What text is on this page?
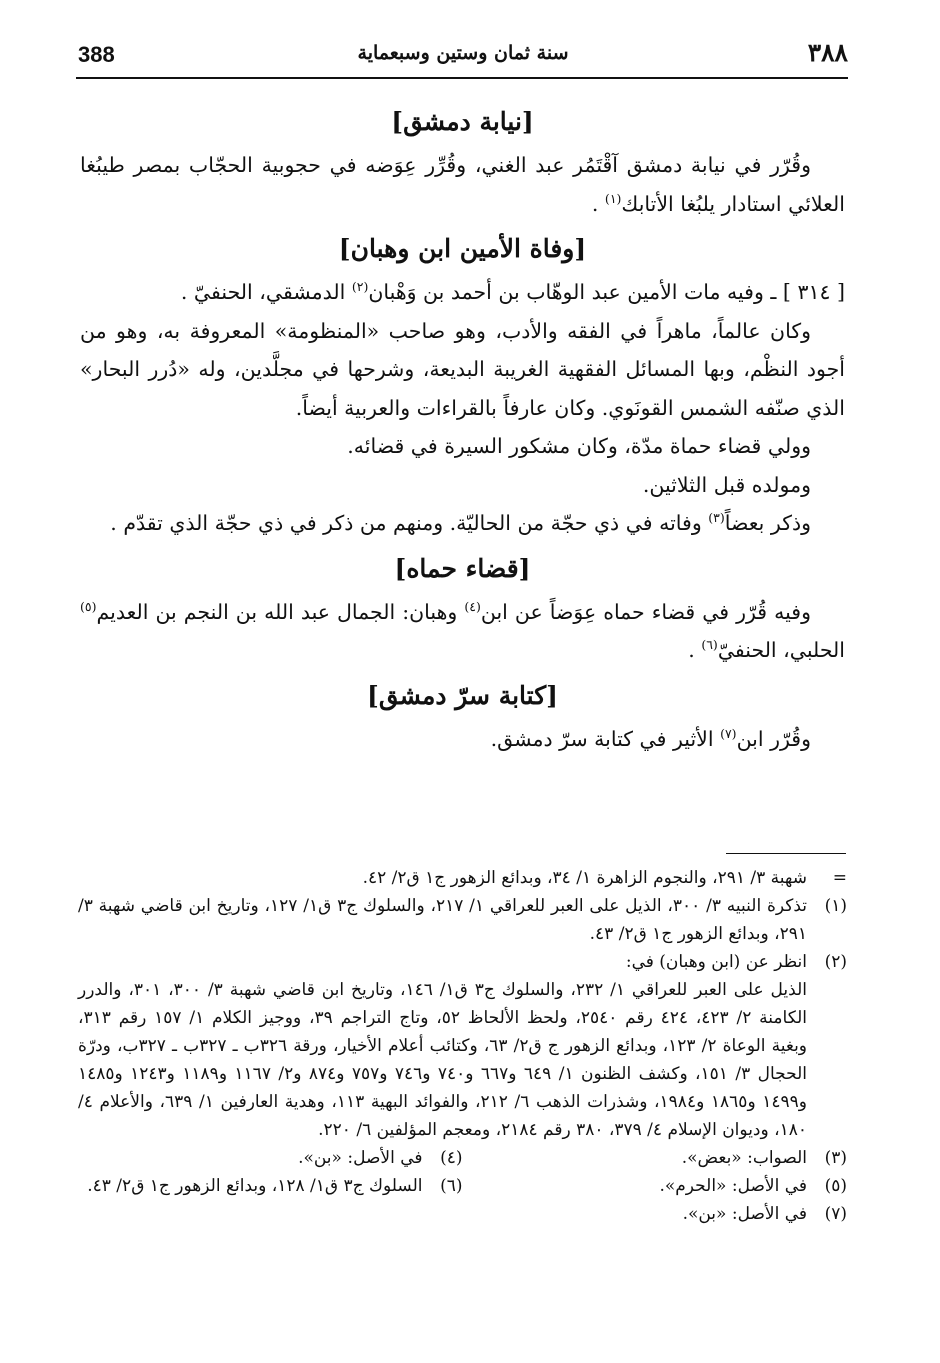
388	سنة ثمان وستين وسبعماية	٣٨٨
[نيابة دمشق]

وقُرّر في نيابة دمشق آقْتَمُر عبد الغني، وقُرِّر عِوَضه في حجوبية الحجّاب بمصر طيبُغا العلائي استادار يلبُغا الأتابك$^{(١)}$ .

[وفاة الأمين ابن وهبان]

[ ٣١٤ ] ـ وفيه مات الأمين عبد الوهّاب بن أحمد بن وَهْبان$^{(٢)}$ الدمشقي، الحنفيّ .

وكان عالماً، ماهراً في الفقه والأدب، وهو صاحب «المنظومة» المعروفة به، وهو من أجود النظْم، وبها المسائل الفقهية الغريبة البديعة، وشرحها في مجلَّدين، وله «دُرر البحار» الذي صنّفه الشمس القونَوي. وكان عارفاً بالقراءات والعربية أيضاً.

وولي قضاء حماة مدّة، وكان مشكور السيرة في قضائه.

ومولده قبل الثلاثين.

وذكر بعضاً$^{(٣)}$ وفاته في ذي حجّة من الحاليّة. ومنهم من ذكر في ذي حجّة الذي تقدّم .

[قضاء حماه]

وفيه قُرّر في قضاء حماه عِوَضاً عن ابن$^{(٤)}$ وهبان: الجمال عبد الله بن النجم بن العديم$^{(٥)}$ الحلبي، الحنفيّ$^{(٦)}$ .

[كتابة سرّ دمشق]

وقُرّر ابن$^{(٧)}$ الأثير في كتابة سرّ دمشق.

=
شهبة ٣/ ٢٩١، والنجوم الزاهرة ١/ ٣٤، وبدائع الزهور ج١ ق٢/ ٤٢.
(١)
تذكرة النبيه ٣/ ٣٠٠، الذيل على العبر للعراقي ١/ ٢١٧، والسلوك ج٣ ق١/ ١٢٧، وتاريخ ابن قاضي شهبة ٣/ ٢٩١، وبدائع الزهور ج١ ق٢/ ٤٣.
(٢)
انظر عن (ابن وهبان) في:
الذيل على العبر للعراقي ١/ ٢٣٢، والسلوك ج٣ ق١/ ١٤٦، وتاريخ ابن قاضي شهبة ٣/ ٣٠٠، ٣٠١، والدرر الكامنة ٢/ ٤٢٣، ٤٢٤ رقم ٢٥٤٠، ولحظ الألحاظ ٥٢، وتاج التراجم ٣٩، ووجيز الكلام ١/ ١٥٧ رقم ٣١٣، وبغية الوعاة ٢/ ١٢٣، وبدائع الزهور ج ق٢/ ٦٣، وكتائب أعلام الأخيار، ورقة ٣٢٦ب ـ ٣٢٧ب ـ ٣٢٧ب، ودرّة الحجال ٣/ ١٥١، وكشف الظنون ١/ ٦٤٩ و٦٦٧ و٧٤٠ و٧٤٦ و٧٥٧ و٨٧٤ و٢/ ١١٦٧ و١١٨٩ و١٢٤٣ و١٤٨٥ و١٤٩٩ و١٨٦٥ و١٩٨٤، وشذرات الذهب ٦/ ٢١٢، والفوائد البهية ١١٣، وهدية العارفين ١/ ٦٣٩، والأعلام ٤/ ١٨٠، وديوان الإسلام ٤/ ٣٧٩، ٣٨٠ رقم ٢١٨٤، ومعجم المؤلفين ٦/ ٢٢٠.
(٣)
الصواب: «بعض».
(٤)
في الأصل: «بن».
(٥)
في الأصل: «الحرم».
(٦)
السلوك ج٣ ق١/ ١٢٨، وبدائع الزهور ج١ ق٢/ ٤٣.
(٧)
في الأصل: «بن».
